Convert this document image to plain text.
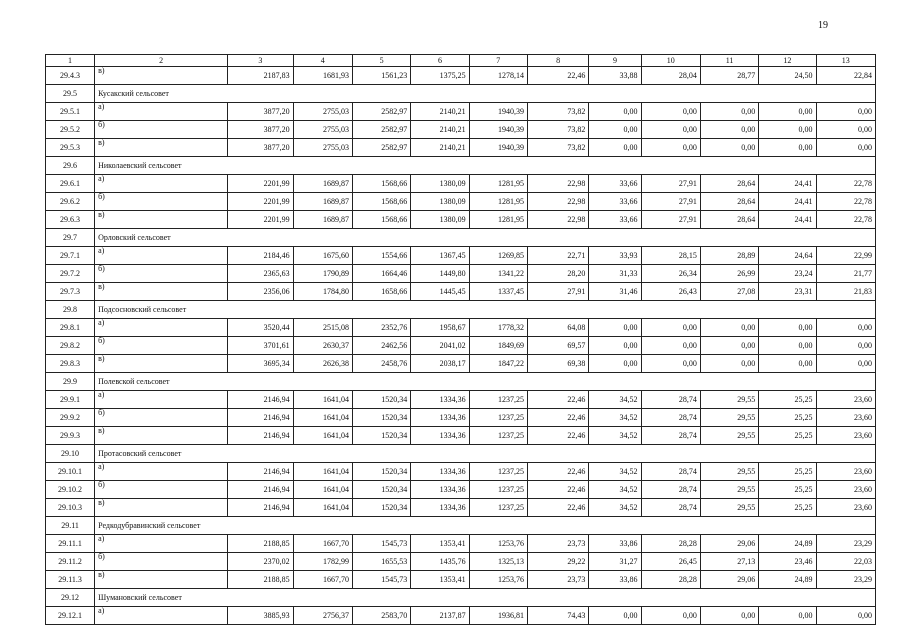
19
1	2	3	4	5	6	7	8	9	10	11	12	13
29.4.3	в)	2187,83	1681,93	1561,23	1375,25	1278,14	22,46	33,88	28,04	28,77	24,50	22,84
29.5	Кусакский сельсовет											
29.5.1	а)	3877,20	2755,03	2582,97	2140,21	1940,39	73,82	0,00	0,00	0,00	0,00	0,00
29.5.2	б)	3877,20	2755,03	2582,97	2140,21	1940,39	73,82	0,00	0,00	0,00	0,00	0,00
29.5.3	в)	3877,20	2755,03	2582,97	2140,21	1940,39	73,82	0,00	0,00	0,00	0,00	0,00
29.6	Николаевский сельсовет											
29.6.1	а)	2201,99	1689,87	1568,66	1380,09	1281,95	22,98	33,66	27,91	28,64	24,41	22,78
29.6.2	б)	2201,99	1689,87	1568,66	1380,09	1281,95	22,98	33,66	27,91	28,64	24,41	22,78
29.6.3	в)	2201,99	1689,87	1568,66	1380,09	1281,95	22,98	33,66	27,91	28,64	24,41	22,78
29.7	Орловский сельсовет											
29.7.1	а)	2184,46	1675,60	1554,66	1367,45	1269,85	22,71	33,93	28,15	28,89	24,64	22,99
29.7.2	б)	2365,63	1790,89	1664,46	1449,80	1341,22	28,20	31,33	26,34	26,99	23,24	21,77
29.7.3	в)	2356,06	1784,80	1658,66	1445,45	1337,45	27,91	31,46	26,43	27,08	23,31	21,83
29.8	Подсосновский сельсовет											
29.8.1	а)	3520,44	2515,08	2352,76	1958,67	1778,32	64,08	0,00	0,00	0,00	0,00	0,00
29.8.2	б)	3701,61	2630,37	2462,56	2041,02	1849,69	69,57	0,00	0,00	0,00	0,00	0,00
29.8.3	в)	3695,34	2626,38	2458,76	2038,17	1847,22	69,38	0,00	0,00	0,00	0,00	0,00
29.9	Полевской сельсовет											
29.9.1	а)	2146,94	1641,04	1520,34	1334,36	1237,25	22,46	34,52	28,74	29,55	25,25	23,60
29.9.2	б)	2146,94	1641,04	1520,34	1334,36	1237,25	22,46	34,52	28,74	29,55	25,25	23,60
29.9.3	в)	2146,94	1641,04	1520,34	1334,36	1237,25	22,46	34,52	28,74	29,55	25,25	23,60
29.10	Протасовский сельсовет											
29.10.1	а)	2146,94	1641,04	1520,34	1334,36	1237,25	22,46	34,52	28,74	29,55	25,25	23,60
29.10.2	б)	2146,94	1641,04	1520,34	1334,36	1237,25	22,46	34,52	28,74	29,55	25,25	23,60
29.10.3	в)	2146,94	1641,04	1520,34	1334,36	1237,25	22,46	34,52	28,74	29,55	25,25	23,60
29.11	Редкодубравинский сельсовет											
29.11.1	а)	2188,85	1667,70	1545,73	1353,41	1253,76	23,73	33,86	28,28	29,06	24,89	23,29
29.11.2	б)	2370,02	1782,99	1655,53	1435,76	1325,13	29,22	31,27	26,45	27,13	23,46	22,03
29.11.3	в)	2188,85	1667,70	1545,73	1353,41	1253,76	23,73	33,86	28,28	29,06	24,89	23,29
29.12	Шумановский сельсовет											
29.12.1	а)	3885,93	2756,37	2583,70	2137,87	1936,81	74,43	0,00	0,00	0,00	0,00	0,00
